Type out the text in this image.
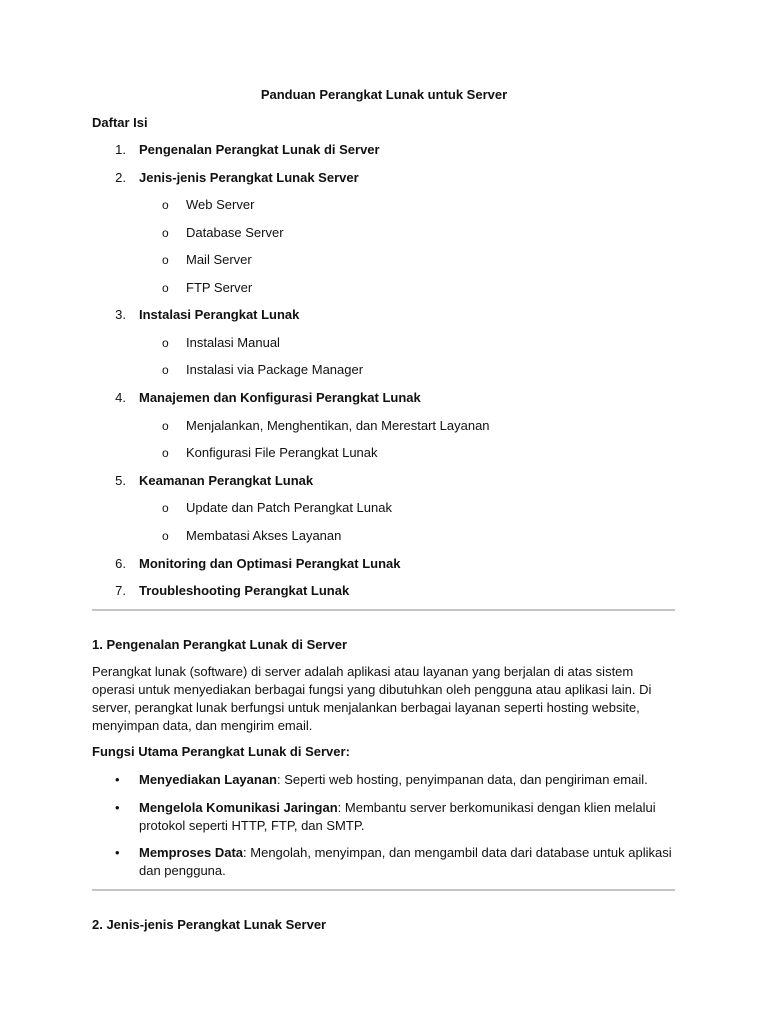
Panduan Perangkat Lunak untuk Server
Daftar Isi
1. Pengenalan Perangkat Lunak di Server
2. Jenis-jenis Perangkat Lunak Server
o Web Server
o Database Server
o Mail Server
o FTP Server
3. Instalasi Perangkat Lunak
o Instalasi Manual
o Instalasi via Package Manager
4. Manajemen dan Konfigurasi Perangkat Lunak
o Menjalankan, Menghentikan, dan Merestart Layanan
o Konfigurasi File Perangkat Lunak
5. Keamanan Perangkat Lunak
o Update dan Patch Perangkat Lunak
o Membatasi Akses Layanan
6. Monitoring dan Optimasi Perangkat Lunak
7. Troubleshooting Perangkat Lunak
1. Pengenalan Perangkat Lunak di Server
Perangkat lunak (software) di server adalah aplikasi atau layanan yang berjalan di atas sistem operasi untuk menyediakan berbagai fungsi yang dibutuhkan oleh pengguna atau aplikasi lain. Di server, perangkat lunak berfungsi untuk menjalankan berbagai layanan seperti hosting website, menyimpan data, dan mengirim email.
Fungsi Utama Perangkat Lunak di Server:
• Menyediakan Layanan: Seperti web hosting, penyimpanan data, dan pengiriman email.
• Mengelola Komunikasi Jaringan: Membantu server berkomunikasi dengan klien melalui protokol seperti HTTP, FTP, dan SMTP.
• Memproses Data: Mengolah, menyimpan, dan mengambil data dari database untuk aplikasi dan pengguna.
2. Jenis-jenis Perangkat Lunak Server
